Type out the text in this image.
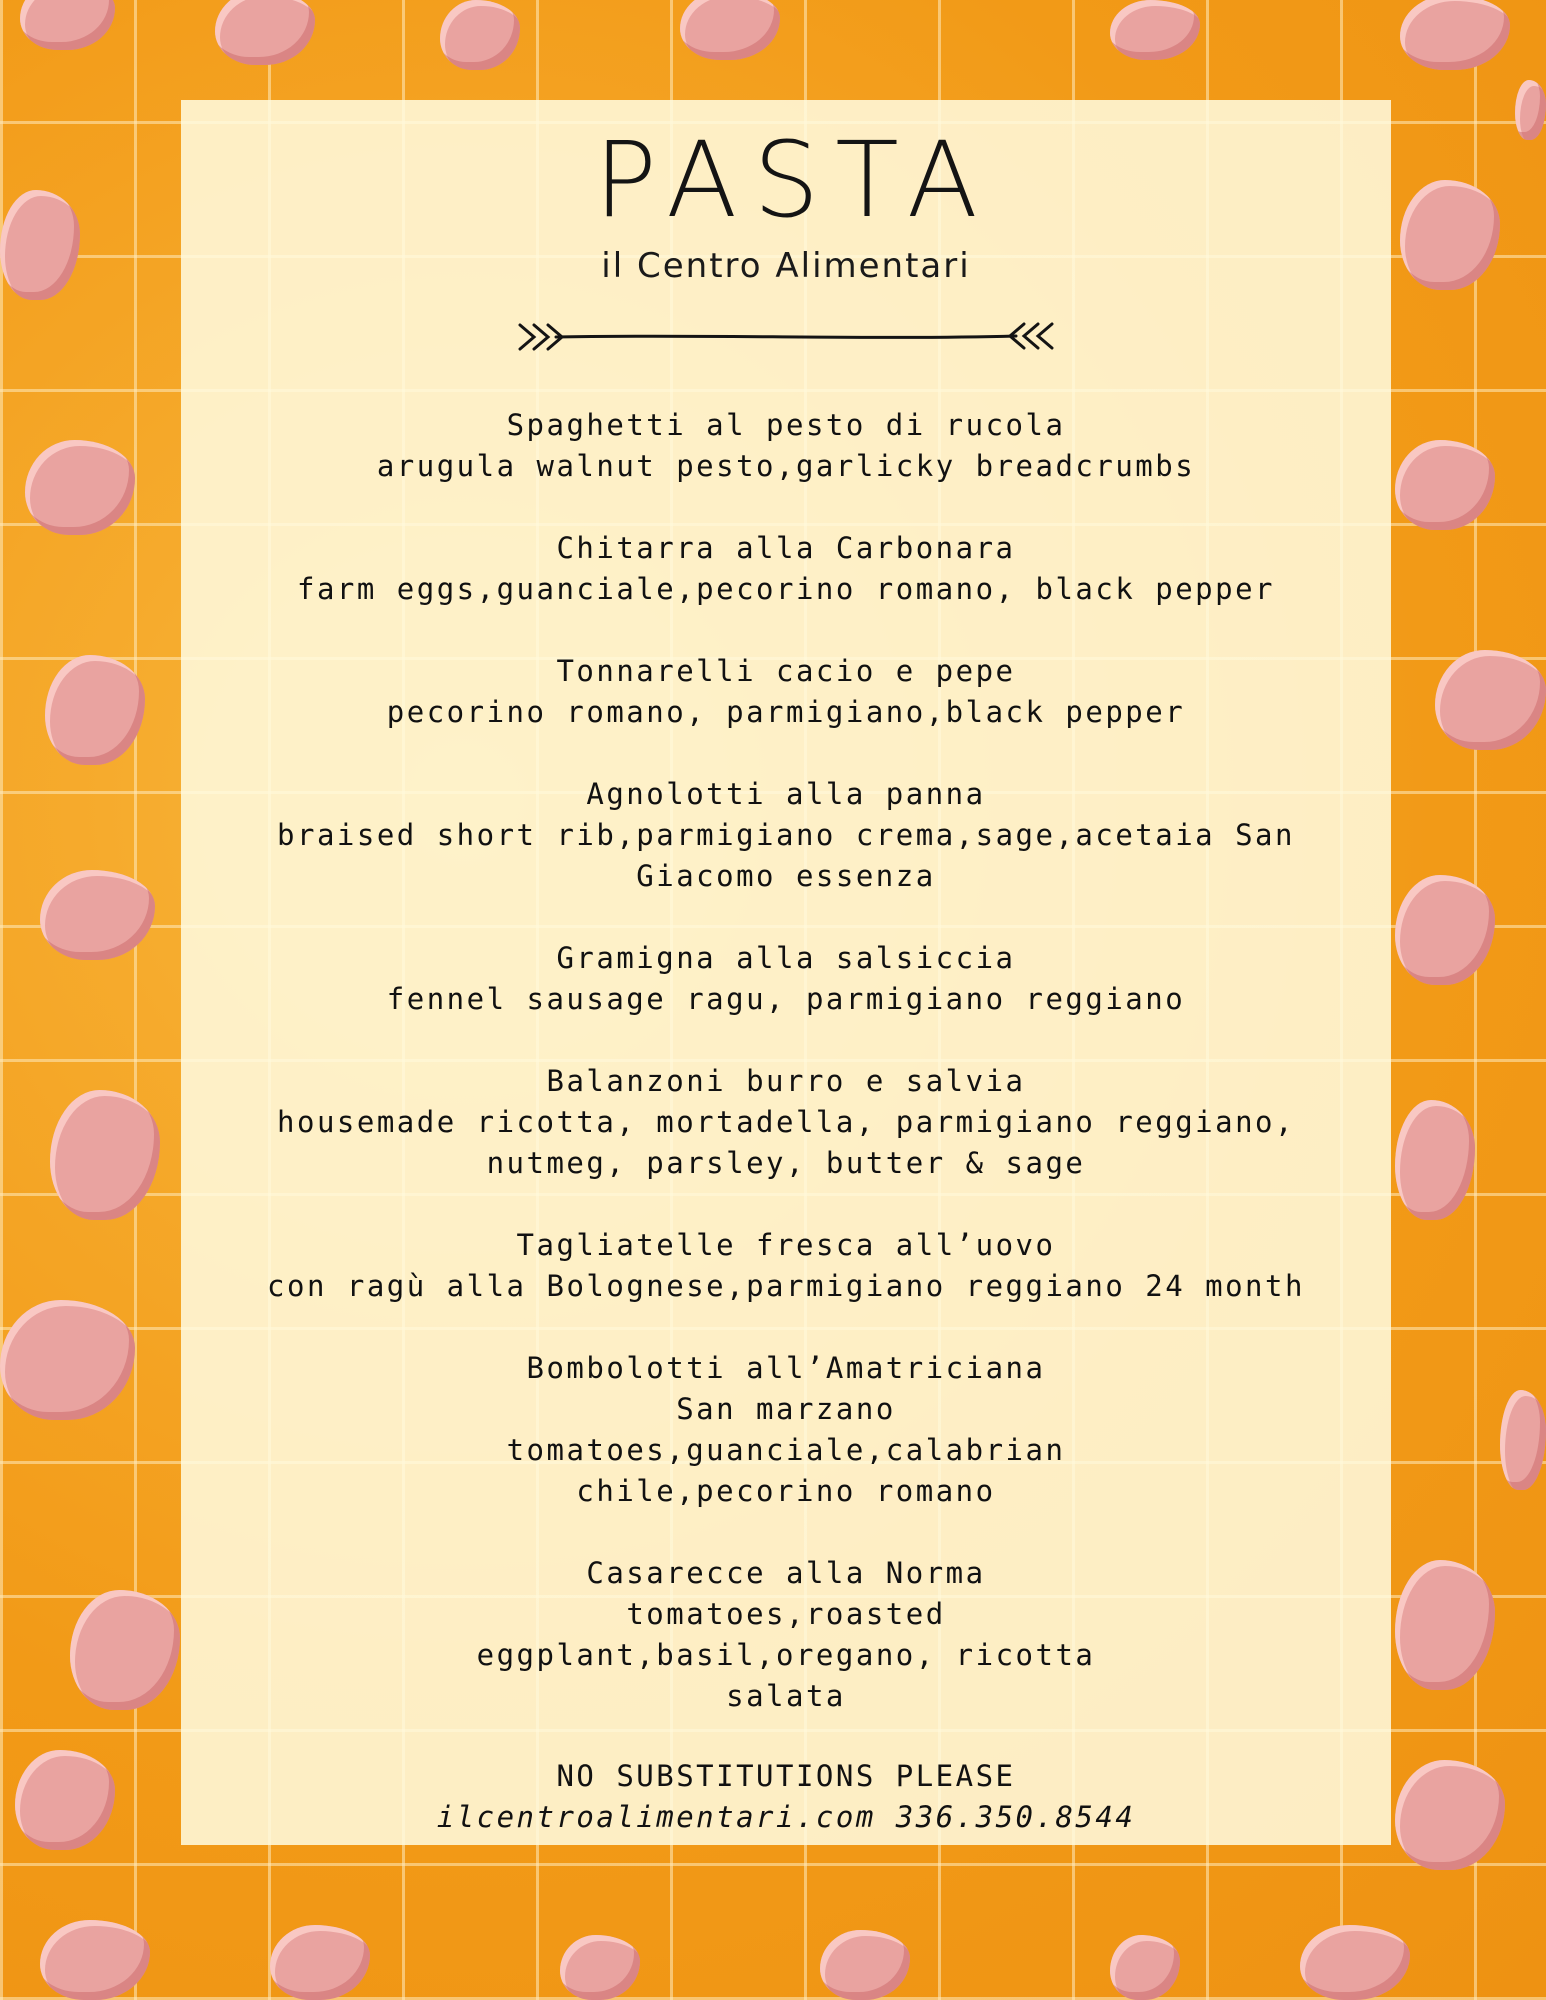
PASTA
il Centro Alimentari
Spaghetti al pesto di rucola
arugula walnut pesto,garlicky breadcrumbs
Chitarra alla Carbonara
farm eggs,guanciale,pecorino romano, black pepper
Tonnarelli cacio e pepe
pecorino romano, parmigiano,black pepper
Agnolotti alla panna
braised short rib,parmigiano crema,sage,acetaia San Giacomo essenza
Gramigna alla salsiccia
fennel sausage ragu, parmigiano reggiano
Balanzoni burro e salvia
housemade ricotta, mortadella, parmigiano reggiano, nutmeg, parsley, butter & sage
Tagliatelle fresca all’uovo
con ragù alla Bolognese,parmigiano reggiano 24 month
Bombolotti all’Amatriciana
San marzano tomatoes,guanciale,calabrian chile,pecorino romano
Casarecce alla Norma
tomatoes,roasted eggplant,basil,oregano, ricotta salata
NO SUBSTITUTIONS PLEASE
ilcentroalimentari.com 336.350.8544
